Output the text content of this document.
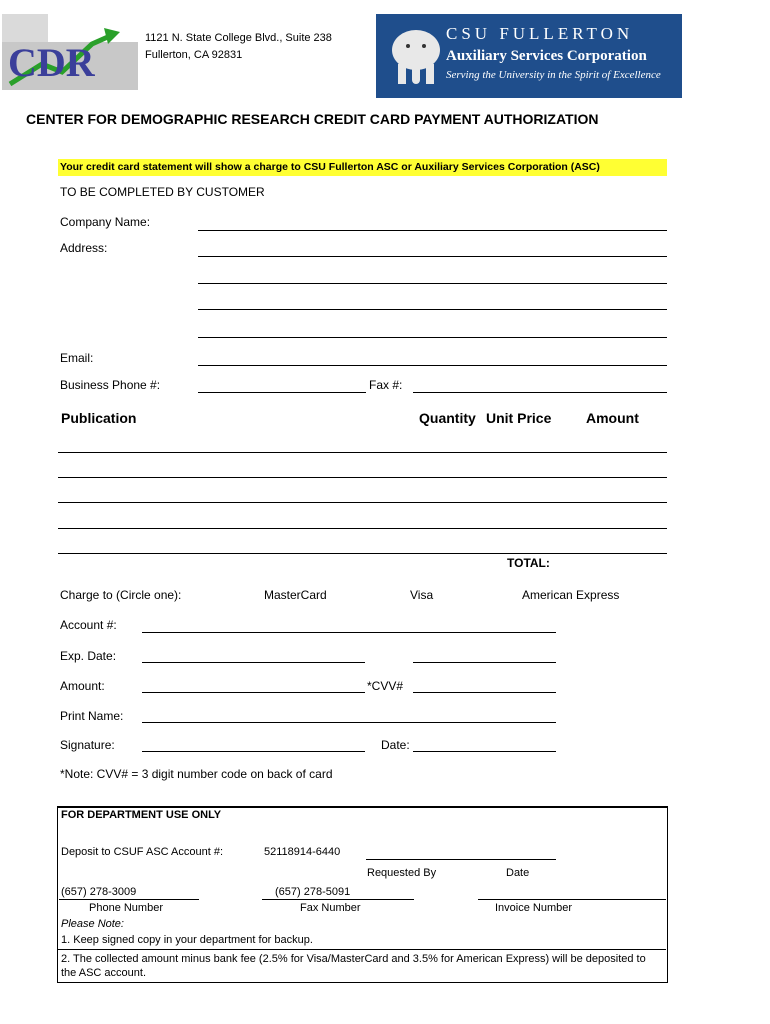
CDR
1121 N. State College Blvd., Suite 238
Fullerton, CA 92831
CSU FULLERTON
Auxiliary Services Corporation
Serving the University in the Spirit of Excellence
CENTER FOR DEMOGRAPHIC RESEARCH CREDIT CARD PAYMENT AUTHORIZATION
Your credit card statement will show a charge to CSU Fullerton ASC or Auxiliary Services Corporation (ASC)
TO BE COMPLETED BY CUSTOMER
Company Name:
Address:
Email:
Business Phone #:	Fax #:
Publication	Quantity Unit Price Amount
TOTAL:
Charge to (Circle one):	MasterCard	Visa	American Express
Account #:
Exp. Date:
Amount:	*CVV#
Print Name:
Signature:	Date:
*Note: CVV# = 3 digit number code on back of card
FOR DEPARTMENT USE ONLY
Deposit to CSUF ASC Account #:	52118914-6440
Requested By	Date
(657) 278-3009	(657) 278-5091
Phone Number	Fax Number	Invoice Number
Please Note:
1. Keep signed copy in your department for backup.
2. The collected amount minus bank fee (2.5% for Visa/MasterCard and 3.5% for American Express) will be deposited to the ASC account.
